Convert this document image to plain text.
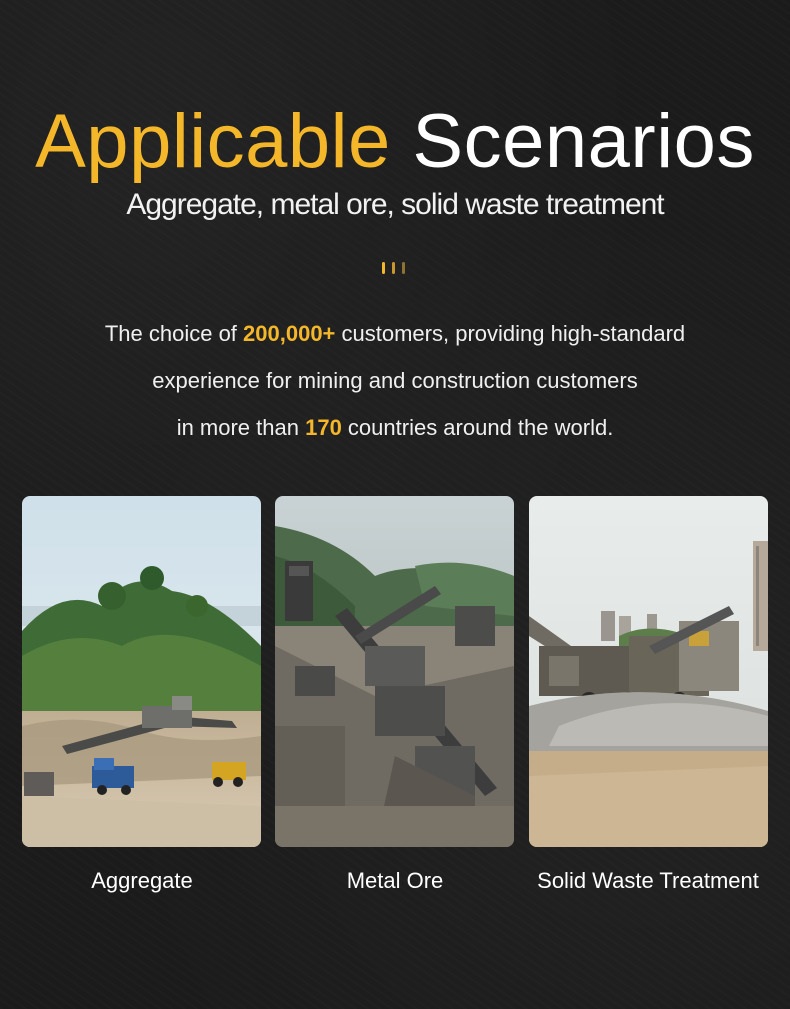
Applicable Scenarios
Aggregate, metal ore, solid waste treatment
The choice of 200,000+ customers, providing high-standard
experience for mining and construction customers
in more than 170 countries around the world.
Aggregate	Metal Ore	Solid Waste Treatment
